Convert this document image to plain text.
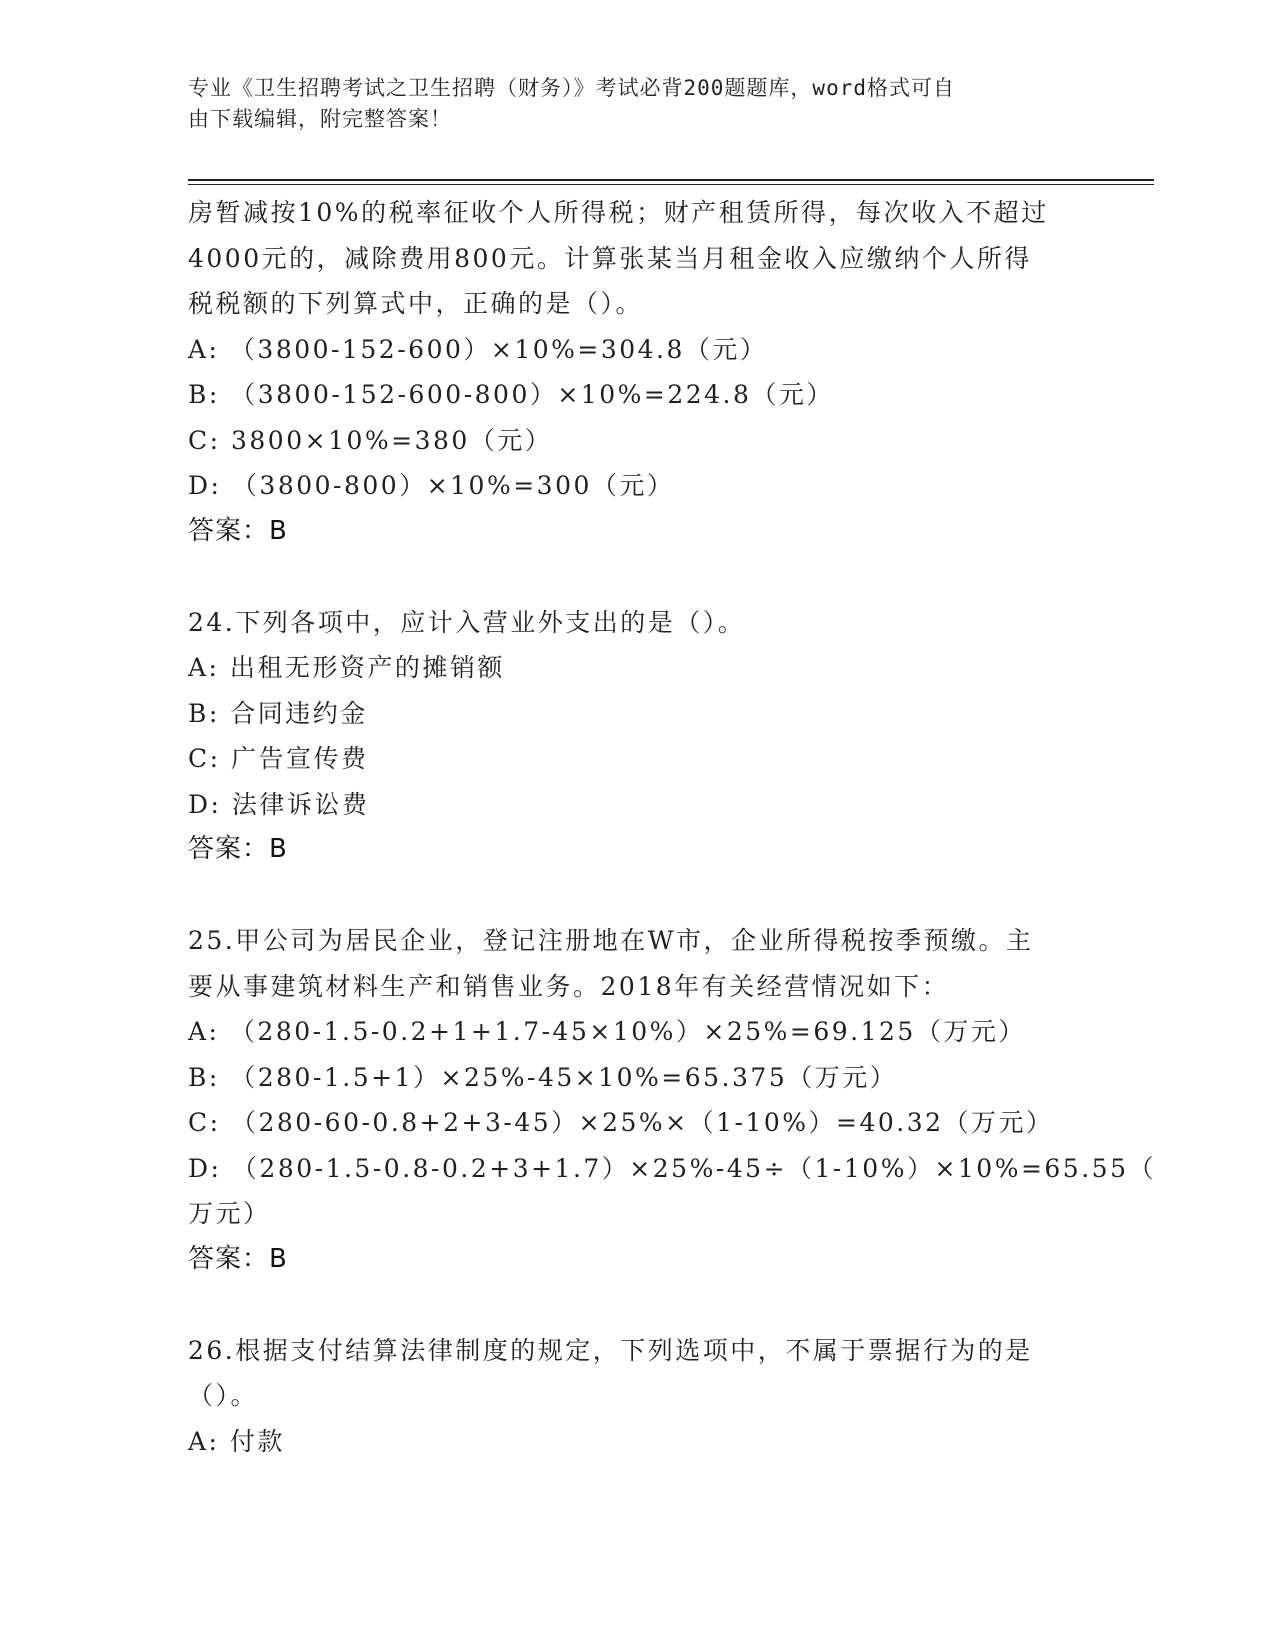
专业《卫生招聘考试之卫生招聘（财务）》考试必背200题题库，word格式可自
由下载编辑，附完整答案！
房暂减按10%的税率征收个人所得税；财产租赁所得，每次收入不超过
4000元的，减除费用800元。计算张某当月租金收入应缴纳个人所得
税税额的下列算式中，正确的是（）。
A: （3800-152-600）×10%=304.8（元）
B: （3800-152-600-800）×10%=224.8（元）
C: 3800×10%=380（元）
D: （3800-800）×10%=300（元）
答案：B
24.下列各项中，应计入营业外支出的是（）。
A: 出租无形资产的摊销额
B: 合同违约金
C: 广告宣传费
D: 法律诉讼费
答案：B
25.甲公司为居民企业，登记注册地在W市，企业所得税按季预缴。主
要从事建筑材料生产和销售业务。2018年有关经营情况如下：
A: （280-1.5-0.2+1+1.7-45×10%）×25%=69.125（万元）
B: （280-1.5+1）×25%-45×10%=65.375（万元）
C: （280-60-0.8+2+3-45）×25%×（1-10%）=40.32（万元）
D: （280-1.5-0.8-0.2+3+1.7）×25%-45÷（1-10%）×10%=65.55（
万元）
答案：B
26.根据支付结算法律制度的规定，下列选项中，不属于票据行为的是
（）。
A: 付款
